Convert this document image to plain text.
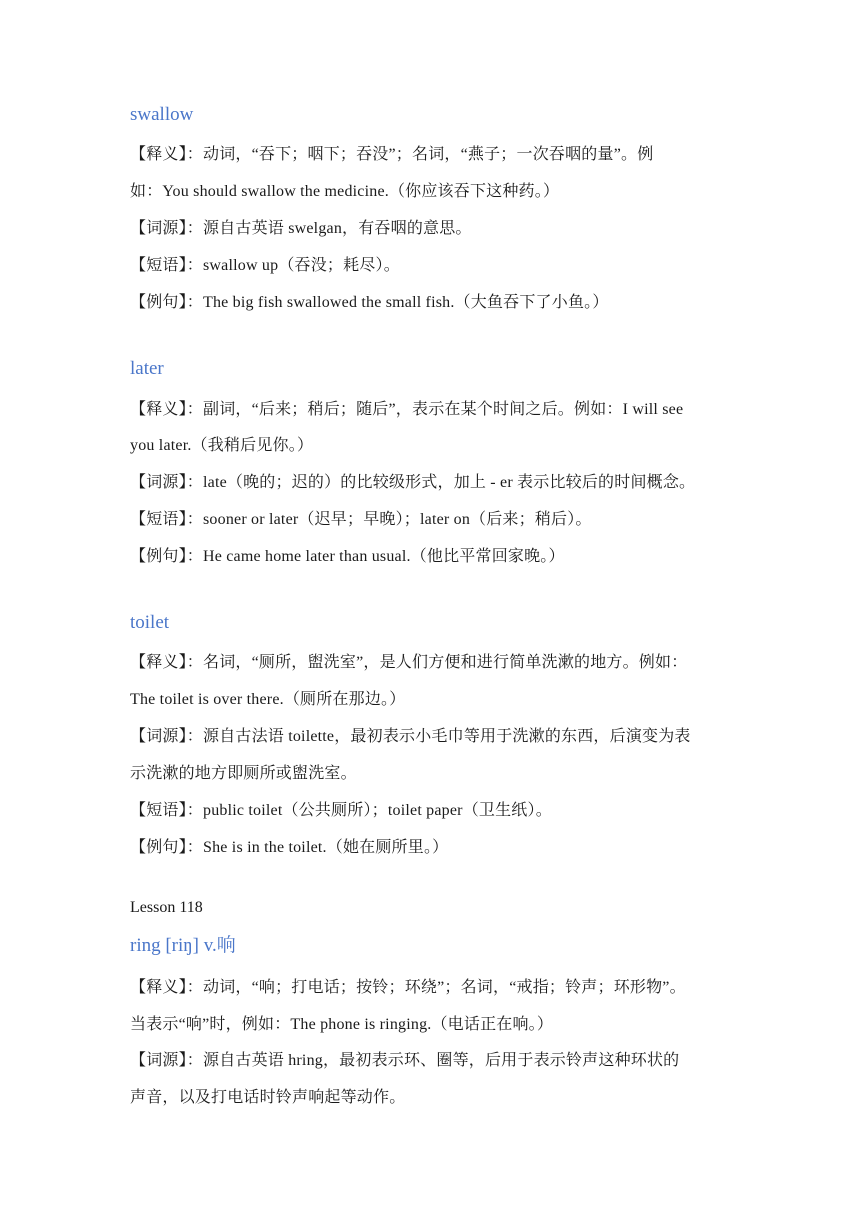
swallow
【释义】：动词，“吞下；咽下；吞没”；名词，“燕子；一次吞咽的量”。例
如：You should swallow the medicine.（你应该吞下这种药。）
【词源】：源自古英语 swelgan，有吞咽的意思。
【短语】：swallow up（吞没；耗尽）。
【例句】：The big fish swallowed the small fish.（大鱼吞下了小鱼。）
later
【释义】：副词，“后来；稍后；随后”，表示在某个时间之后。例如：I will see
you later.（我稍后见你。）
【词源】：late（晚的；迟的）的比较级形式，加上 - er 表示比较后的时间概念。
【短语】：sooner or later（迟早；早晚）；later on（后来；稍后）。
【例句】：He came home later than usual.（他比平常回家晚。）
toilet
【释义】：名词，“厕所，盥洗室”，是人们方便和进行简单洗漱的地方。例如：
The toilet is over there.（厕所在那边。）
【词源】：源自古法语 toilette，最初表示小毛巾等用于洗漱的东西，后演变为表
示洗漱的地方即厕所或盥洗室。
【短语】：public toilet（公共厕所）；toilet paper（卫生纸）。
【例句】：She is in the toilet.（她在厕所里。）
Lesson 118
ring [riŋ] v.响
【释义】：动词，“响；打电话；按铃；环绕”；名词，“戒指；铃声；环形物”。
当表示“响”时，例如：The phone is ringing.（电话正在响。）
【词源】：源自古英语 hring，最初表示环、圈等，后用于表示铃声这种环状的
声音，以及打电话时铃声响起等动作。
